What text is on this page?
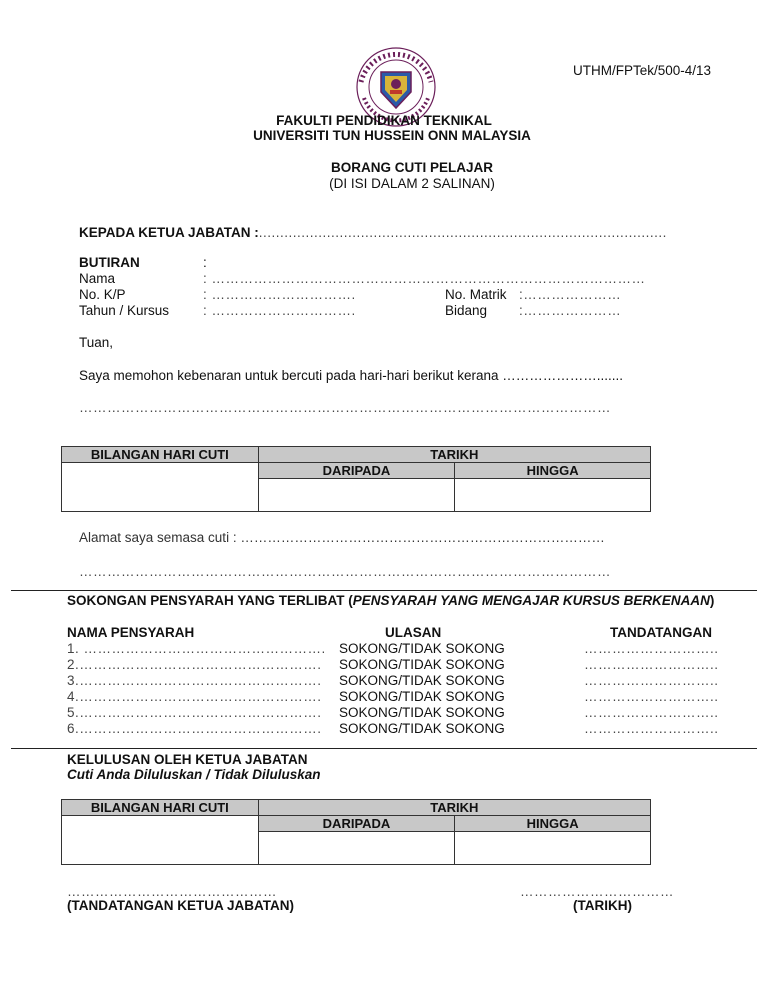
UTHM/FPTek/500-4/13
FAKULTI PENDIDIKAN TEKNIKAL
UNIVERSITI TUN HUSSEIN ONN MALAYSIA
BORANG CUTI PELAJAR
(DI ISI DALAM 2 SALINAN)
KEPADA KETUA JABATAN :................................................................................................
BUTIRAN	:
Nama	: …………………………………………………………………………………
No. K/P	: ………………………….	No. Matrik :…………………
Tahun / Kursus	: ………………………….	Bidang :…………………
Tuan,
Saya memohon kebenaran untuk bercuti pada hari-hari berikut kerana ………………….......
……………………………………………………………………………………………………
BILANGAN HARI CUTI	TARIKH	
	DARIPADA	HINGGA

Alamat saya semasa cuti : ………………………………………………………………………
……………………………………………………………………………………………………
SOKONGAN PENSYARAH YANG TERLIBAT (PENSYARAH YANG MENGAJAR KURSUS BERKENAAN)
NAMA PENSYARAH	ULASAN	TANDATANGAN
1. ……………………………………………. SOKONG/TIDAK SOKONG	………………………..
2.……………………………………………. SOKONG/TIDAK SOKONG	………………………..
3.……………………………………………. SOKONG/TIDAK SOKONG	………………………..
4.……………………………………………. SOKONG/TIDAK SOKONG	………………………..
5.……………………………………………. SOKONG/TIDAK SOKONG	………………………..
6.……………………………………………. SOKONG/TIDAK SOKONG	………………………..
KELULUSAN OLEH KETUA JABATAN
Cuti Anda Diluluskan / Tidak Diluluskan
BILANGAN HARI CUTI	TARIKH	
	DARIPADA	HINGGA

………………………………………
(TANDATANGAN KETUA JABATAN)
……………………………
(TARIKH)
